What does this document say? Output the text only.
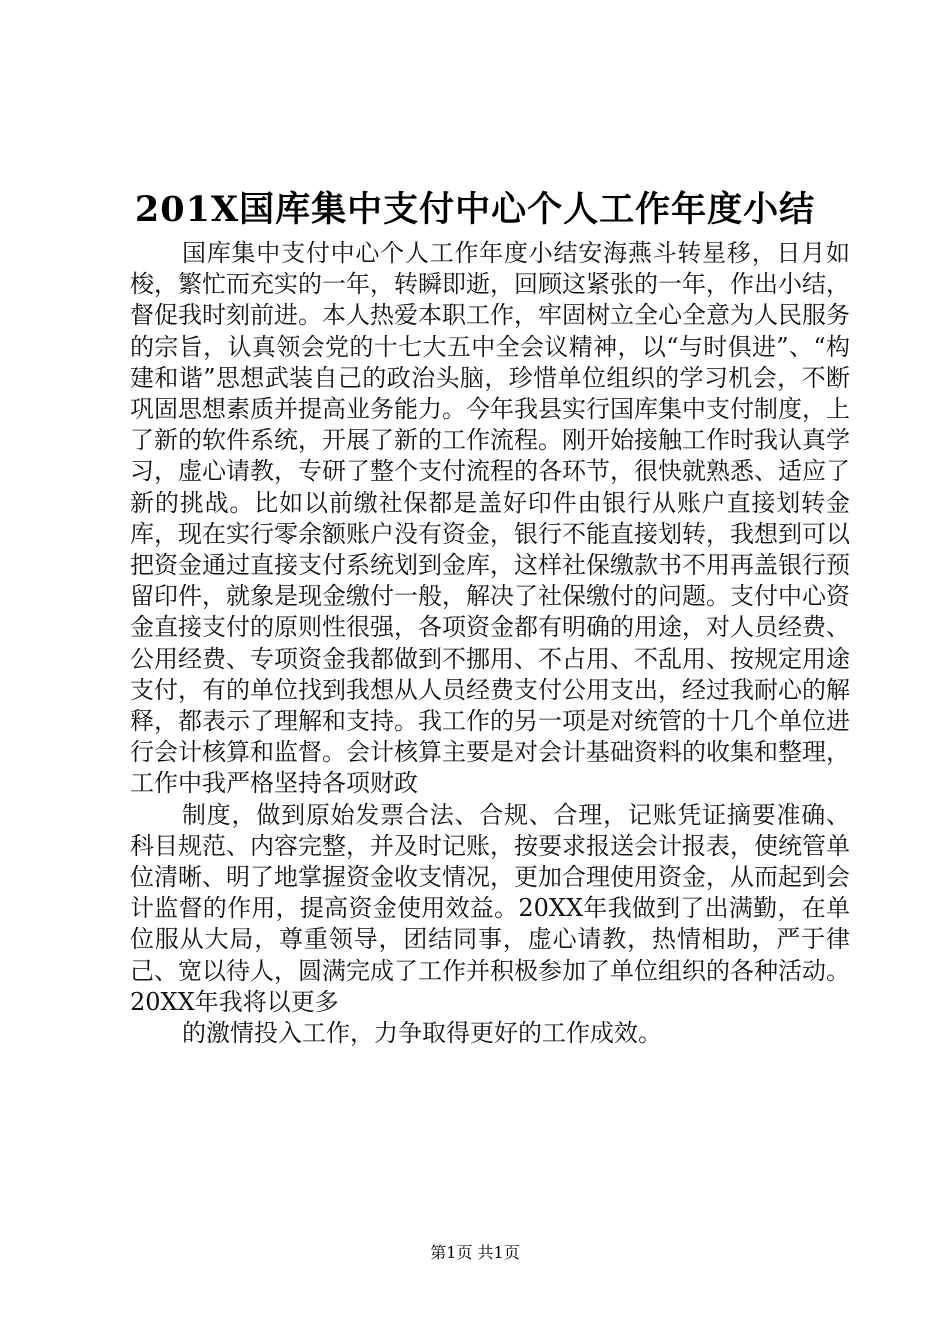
201X国库集中支付中心个人工作年度小结

国库集中支付中心个人工作年度小结安海燕斗转星移，日月如梭，繁忙而充实的一年，转瞬即逝，回顾这紧张的一年，作出小结，督促我时刻前进。本人热爱本职工作，牢固树立全心全意为人民服务的宗旨，认真领会党的十七大五中全会议精神，以“与时俱进”、“构建和谐”思想武装自己的政治头脑，珍惜单位组织的学习机会，不断巩固思想素质并提高业务能力。今年我县实行国库集中支付制度，上了新的软件系统，开展了新的工作流程。刚开始接触工作时我认真学习，虚心请教，专研了整个支付流程的各环节，很快就熟悉、适应了新的挑战。比如以前缴社保都是盖好印件由银行从账户直接划转金库，现在实行零余额账户没有资金，银行不能直接划转，我想到可以把资金通过直接支付系统划到金库，这样社保缴款书不用再盖银行预留印件，就象是现金缴付一般，解决了社保缴付的问题。支付中心资金直接支付的原则性很强，各项资金都有明确的用途，对人员经费、公用经费、专项资金我都做到不挪用、不占用、不乱用、按规定用途支付，有的单位找到我想从人员经费支付公用支出，经过我耐心的解释，都表示了理解和支持。我工作的另一项是对统管的十几个单位进行会计核算和监督。会计核算主要是对会计基础资料的收集和整理，工作中我严格坚持各项财政

制度，做到原始发票合法、合规、合理，记账凭证摘要准确、科目规范、内容完整，并及时记账，按要求报送会计报表，使统管单位清晰、明了地掌握资金收支情况，更加合理使用资金，从而起到会计监督的作用，提高资金使用效益。20XX年我做到了出满勤，在单位服从大局，尊重领导，团结同事，虚心请教，热情相助，严于律己、宽以待人，圆满完成了工作并积极参加了单位组织的各种活动。20XX年我将以更多

的激情投入工作，力争取得更好的工作成效。

第1页 共1页
